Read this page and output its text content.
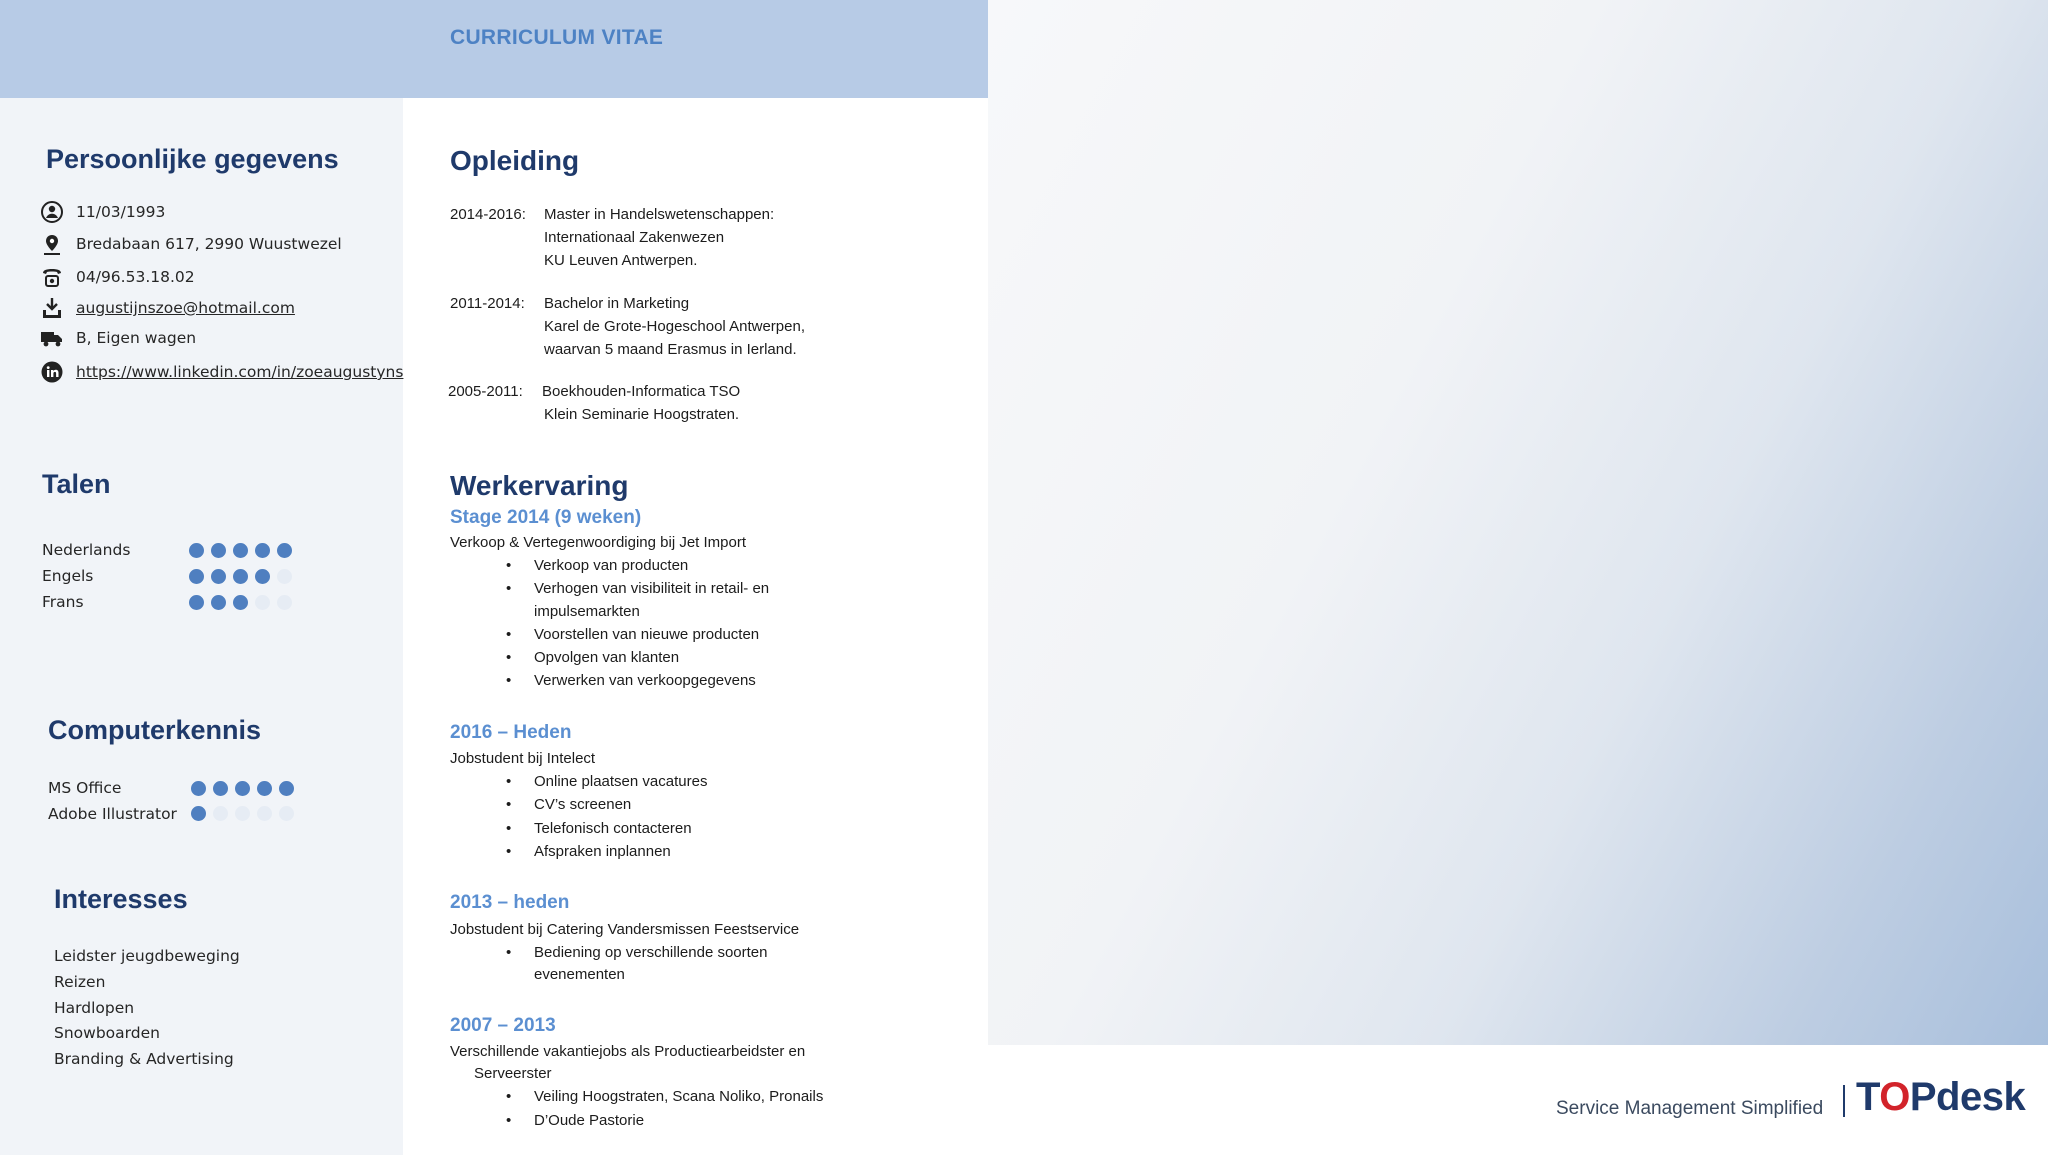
CURRICULUM VITAE
Persoonlijke gegevens
11/03/1993
Bredabaan 617, 2990 Wuustwezel
04/96.53.18.02
augustijnszoe@hotmail.com
B, Eigen wagen
https://www.linkedin.com/in/zoeaugustyns
Talen
Nederlands
Engels
Frans
Computerkennis
MS Office
Adobe Illustrator
Interesses
Leidster jeugdbeweging
Reizen
Hardlopen
Snowboarden
Branding & Advertising
Opleiding
2014-2016: Master in Handelswetenschappen:
Internationaal Zakenwezen
KU Leuven Antwerpen.
2011-2014: Bachelor in Marketing
Karel de Grote-Hogeschool Antwerpen,
waarvan 5 maand Erasmus in Ierland.
2005-2011: Boekhouden-Informatica TSO
Klein Seminarie Hoogstraten.
Werkervaring
Stage 2014 (9 weken)
Verkoop & Vertegenwoordiging bij Jet Import
• Verkoop van producten
• Verhogen van visibiliteit in retail- en
impulsemarkten
• Voorstellen van nieuwe producten
• Opvolgen van klanten
• Verwerken van verkoopgegevens
2016 – Heden
Jobstudent bij Intelect
• Online plaatsen vacatures
• CV’s screenen
• Telefonisch contacteren
• Afspraken inplannen
2013 – heden
Jobstudent bij Catering Vandersmissen Feestservice
• Bediening op verschillende soorten
evenementen
2007 – 2013
Verschillende vakantiejobs als Productiearbeidster en
Serveerster
• Veiling Hoogstraten, Scana Noliko, Pronails
• D’Oude Pastorie
Service Management Simplified TOPdesk
